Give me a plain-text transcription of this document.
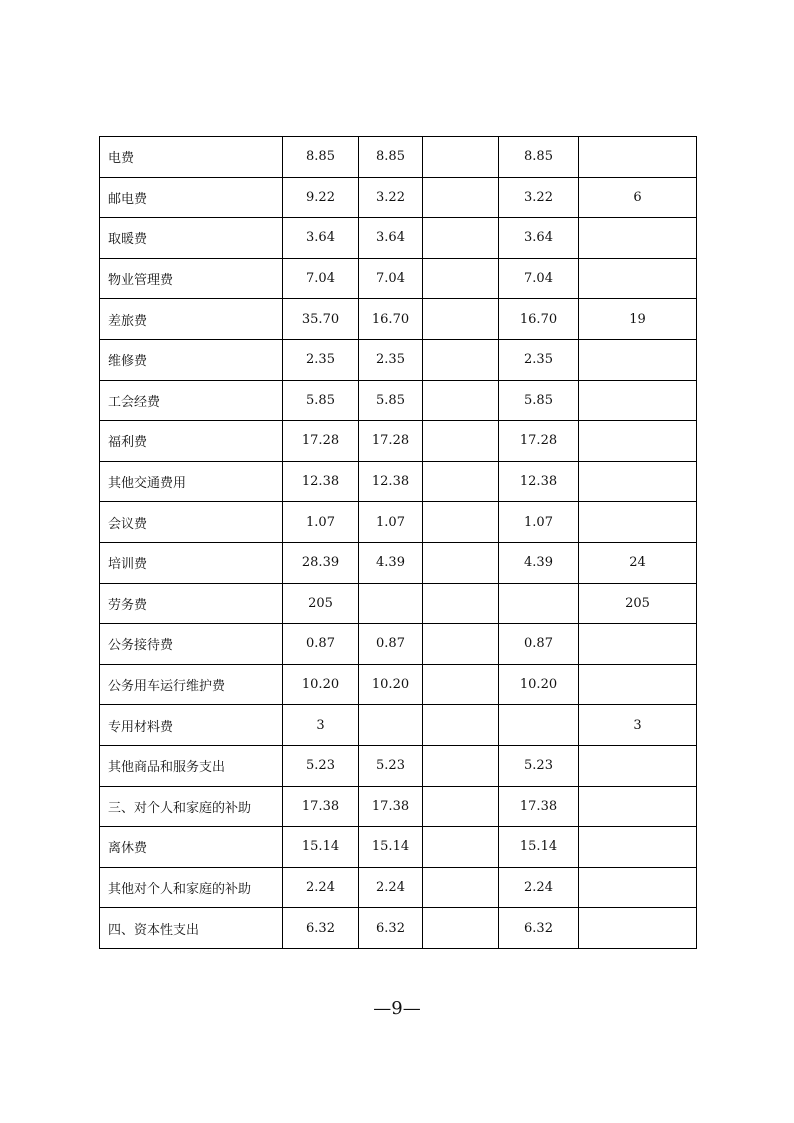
电费	8.85	8.85		8.85	
邮电费	9.22	3.22		3.22	6
取暖费	3.64	3.64		3.64	
物业管理费	7.04	7.04		7.04	
差旅费	35.70	16.70		16.70	19
维修费	2.35	2.35		2.35	
工会经费	5.85	5.85		5.85	
福利费	17.28	17.28		17.28	
其他交通费用	12.38	12.38		12.38	
会议费	1.07	1.07		1.07	
培训费	28.39	4.39		4.39	24
劳务费	205				205
公务接待费	0.87	0.87		0.87	
公务用车运行维护费	10.20	10.20		10.20	
专用材料费	3				3
其他商品和服务支出	5.23	5.23		5.23	
三、对个人和家庭的补助	17.38	17.38		17.38	
离休费	15.14	15.14		15.14	
其他对个人和家庭的补助	2.24	2.24		2.24	
四、资本性支出	6.32	6.32		6.32	
—9—
